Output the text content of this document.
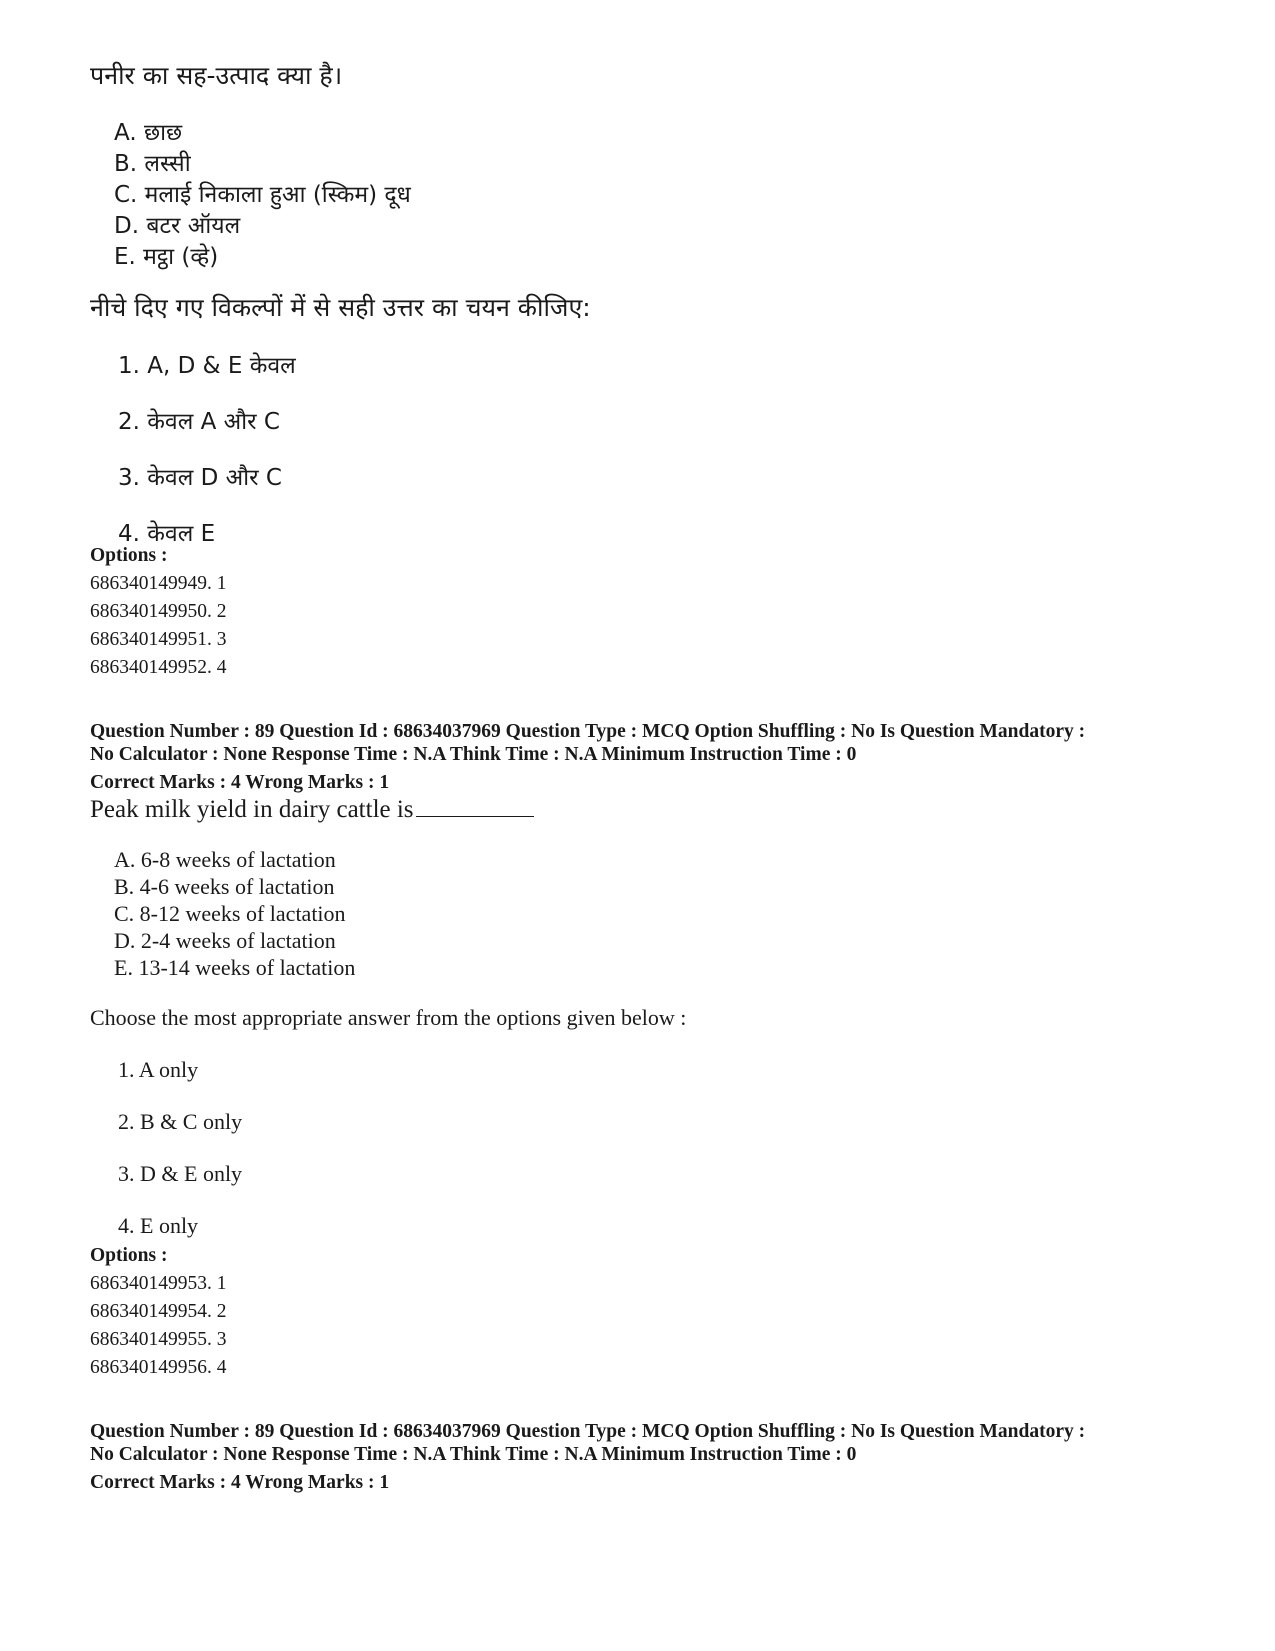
पनीर का सह-उत्पाद क्या है।
A. छाछ
B. लस्सी
C. मलाई निकाला हुआ (स्किम) दूध
D. बटर ऑयल
E. मट्ठा (व्हे)
नीचे दिए गए विकल्पों में से सही उत्तर का चयन कीजिए:
1. A, D & E केवल
2. केवल A और C
3. केवल D और C
4. केवल E
Options :
686340149949. 1
686340149950. 2
686340149951. 3
686340149952. 4
Question Number : 89 Question Id : 68634037969 Question Type : MCQ Option Shuffling : No Is Question Mandatory :
No Calculator : None Response Time : N.A Think Time : N.A Minimum Instruction Time : 0
Correct Marks : 4 Wrong Marks : 1
Peak milk yield in dairy cattle is
A. 6-8 weeks of lactation
B. 4-6 weeks of lactation
C. 8-12 weeks of lactation
D. 2-4 weeks of lactation
E. 13-14 weeks of lactation
Choose the most appropriate answer from the options given below :
1. A only
2. B & C only
3. D & E only
4. E only
Options :
686340149953. 1
686340149954. 2
686340149955. 3
686340149956. 4
Question Number : 89 Question Id : 68634037969 Question Type : MCQ Option Shuffling : No Is Question Mandatory :
No Calculator : None Response Time : N.A Think Time : N.A Minimum Instruction Time : 0
Correct Marks : 4 Wrong Marks : 1
